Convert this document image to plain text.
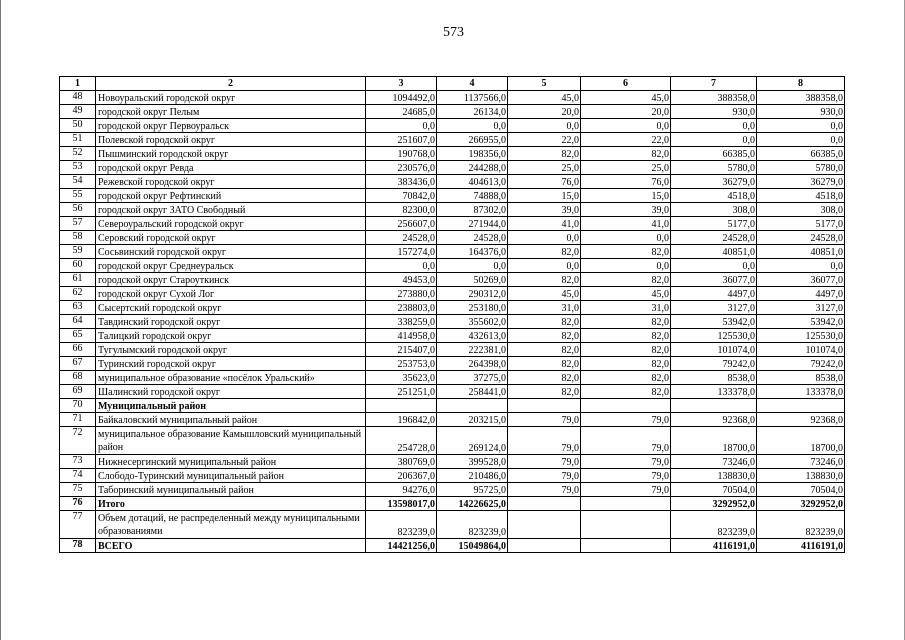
573
1	2	3	4	5	6	7	8
48	Новоуральский городской округ	1094492,0	1137566,0	45,0	45,0	388358,0	388358,0
49	городской округ Пелым	24685,0	26134,0	20,0	20,0	930,0	930,0
50	городской округ Первоуральск	0,0	0,0	0,0	0,0	0,0	0,0
51	Полевской городской округ	251607,0	266955,0	22,0	22,0	0,0	0,0
52	Пышминский городской округ	190768,0	198356,0	82,0	82,0	66385,0	66385,0
53	городской округ Ревда	230576,0	244288,0	25,0	25,0	5780,0	5780,0
54	Режевской городской округ	383436,0	404613,0	76,0	76,0	36279,0	36279,0
55	городской округ Рефтинский	70842,0	74888,0	15,0	15,0	4518,0	4518,0
56	городской округ ЗАТО Свободный	82300,0	87302,0	39,0	39,0	308,0	308,0
57	Североуральский городской округ	256607,0	271944,0	41,0	41,0	5177,0	5177,0
58	Серовский городской округ	24528,0	24528,0	0,0	0,0	24528,0	24528,0
59	Сосьвинский городской округ	157274,0	164376,0	82,0	82,0	40851,0	40851,0
60	городской округ Среднеуральск	0,0	0,0	0,0	0,0	0,0	0,0
61	городской округ Староуткинск	49453,0	50269,0	82,0	82,0	36077,0	36077,0
62	городской округ Сухой Лог	273880,0	290312,0	45,0	45,0	4497,0	4497,0
63	Сысертский городской округ	238803,0	253180,0	31,0	31,0	3127,0	3127,0
64	Тавдинский городской округ	338259,0	355602,0	82,0	82,0	53942,0	53942,0
65	Талицкий городской округ	414958,0	432613,0	82,0	82,0	125530,0	125530,0
66	Тугулымский городской округ	215407,0	222381,0	82,0	82,0	101074,0	101074,0
67	Туринский городской округ	253753,0	264398,0	82,0	82,0	79242,0	79242,0
68	муниципальное образование «посёлок Уральский»	35623,0	37275,0	82,0	82,0	8538,0	8538,0
69	Шалинский городской округ	251251,0	258441,0	82,0	82,0	133378,0	133378,0
70	Муниципальный район						
71	Байкаловский муниципальный район	196842,0	203215,0	79,0	79,0	92368,0	92368,0
72	муниципальное образование Камышловский муниципальный район	254728,0	269124,0	79,0	79,0	18700,0	18700,0
73	Нижнесергинский муниципальный район	380769,0	399528,0	79,0	79,0	73246,0	73246,0
74	Слободо-Туринский муниципальный район	206367,0	210486,0	79,0	79,0	138830,0	138830,0
75	Таборинский муниципальный район	94276,0	95725,0	79,0	79,0	70504,0	70504,0
76	Итого	13598017,0	14226625,0			3292952,0	3292952,0
77	Объем дотаций, не распределенный между муниципальными образованиями	823239,0	823239,0			823239,0	823239,0
78	ВСЕГО	14421256,0	15049864,0			4116191,0	4116191,0
